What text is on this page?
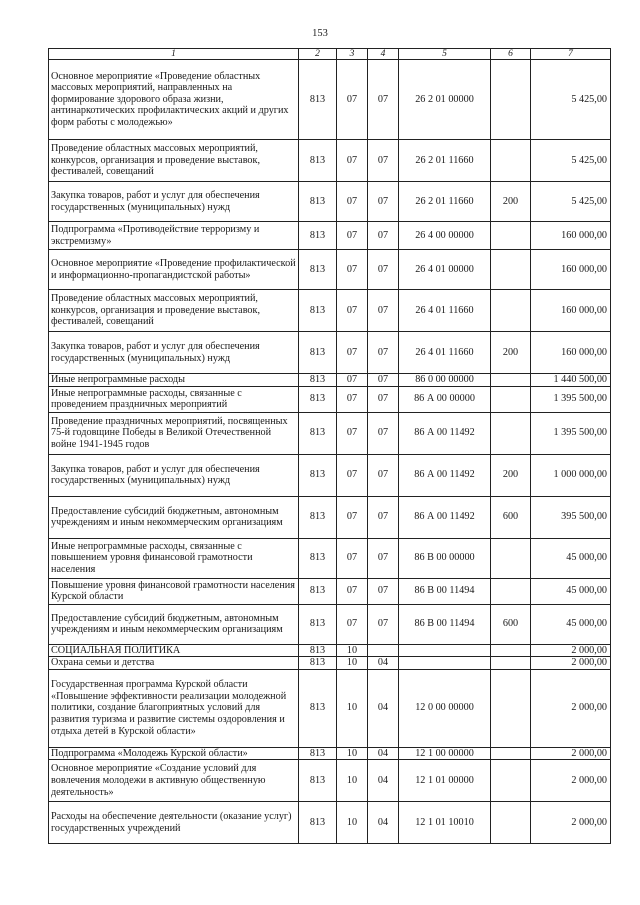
153
1	2	3	4	5	6	7
Основное мероприятие «Проведение областных массовых мероприятий, направленных на формирование здорового образа жизни, антинаркотических профилактических акций и других форм работы с молодежью»	813	07	07	26 2 01 00000		5 425,00
Проведение областных массовых мероприятий, конкурсов, организация и проведение выставок, фестивалей, совещаний	813	07	07	26 2 01 11660		5 425,00
Закупка товаров, работ и услуг для обеспечения государственных (муниципальных) нужд	813	07	07	26 2 01 11660	200	5 425,00
Подпрограмма «Противодействие терроризму и экстремизму»	813	07	07	26 4 00 00000		160 000,00
Основное мероприятие «Проведение профилактической и информационно-пропагандистской работы»	813	07	07	26 4 01 00000		160 000,00
Проведение областных массовых мероприятий, конкурсов, организация и проведение выставок, фестивалей, совещаний	813	07	07	26 4 01 11660		160 000,00
Закупка товаров, работ и услуг для обеспечения государственных (муниципальных) нужд	813	07	07	26 4 01 11660	200	160 000,00
Иные непрограммные расходы	813	07	07	86 0 00 00000		1 440 500,00
Иные непрограммные расходы, связанные с проведением праздничных мероприятий	813	07	07	86 А 00 00000		1 395 500,00
Проведение праздничных мероприятий, посвященных 75-й годовщине Победы в Великой Отечественной войне 1941-1945 годов	813	07	07	86 А 00 11492		1 395 500,00
Закупка товаров, работ и услуг для обеспечения государственных (муниципальных) нужд	813	07	07	86 А 00 11492	200	1 000 000,00
Предоставление субсидий бюджетным, автономным учреждениям и иным некоммерческим организациям	813	07	07	86 А 00 11492	600	395 500,00
Иные непрограммные расходы, связанные с повышением уровня финансовой грамотности населения	813	07	07	86 В 00 00000		45 000,00
Повышение уровня финансовой грамотности населения Курской области	813	07	07	86 В 00 11494		45 000,00
Предоставление субсидий бюджетным, автономным учреждениям и иным некоммерческим организациям	813	07	07	86 В 00 11494	600	45 000,00
СОЦИАЛЬНАЯ ПОЛИТИКА	813	10				2 000,00
Охрана семьи и детства	813	10	04			2 000,00
Государственная программа Курской области «Повышение эффективности реализации молодежной политики, создание благоприятных условий для развития туризма и развитие системы оздоровления и отдыха детей в Курской области»	813	10	04	12 0 00 00000		2 000,00
Подпрограмма «Молодежь Курской области»	813	10	04	12 1 00 00000		2 000,00
Основное мероприятие «Создание условий для вовлечения молодежи в активную общественную деятельность»	813	10	04	12 1 01 00000		2 000,00
Расходы на обеспечение деятельности (оказание услуг) государственных учреждений	813	10	04	12 1 01 10010		2 000,00
